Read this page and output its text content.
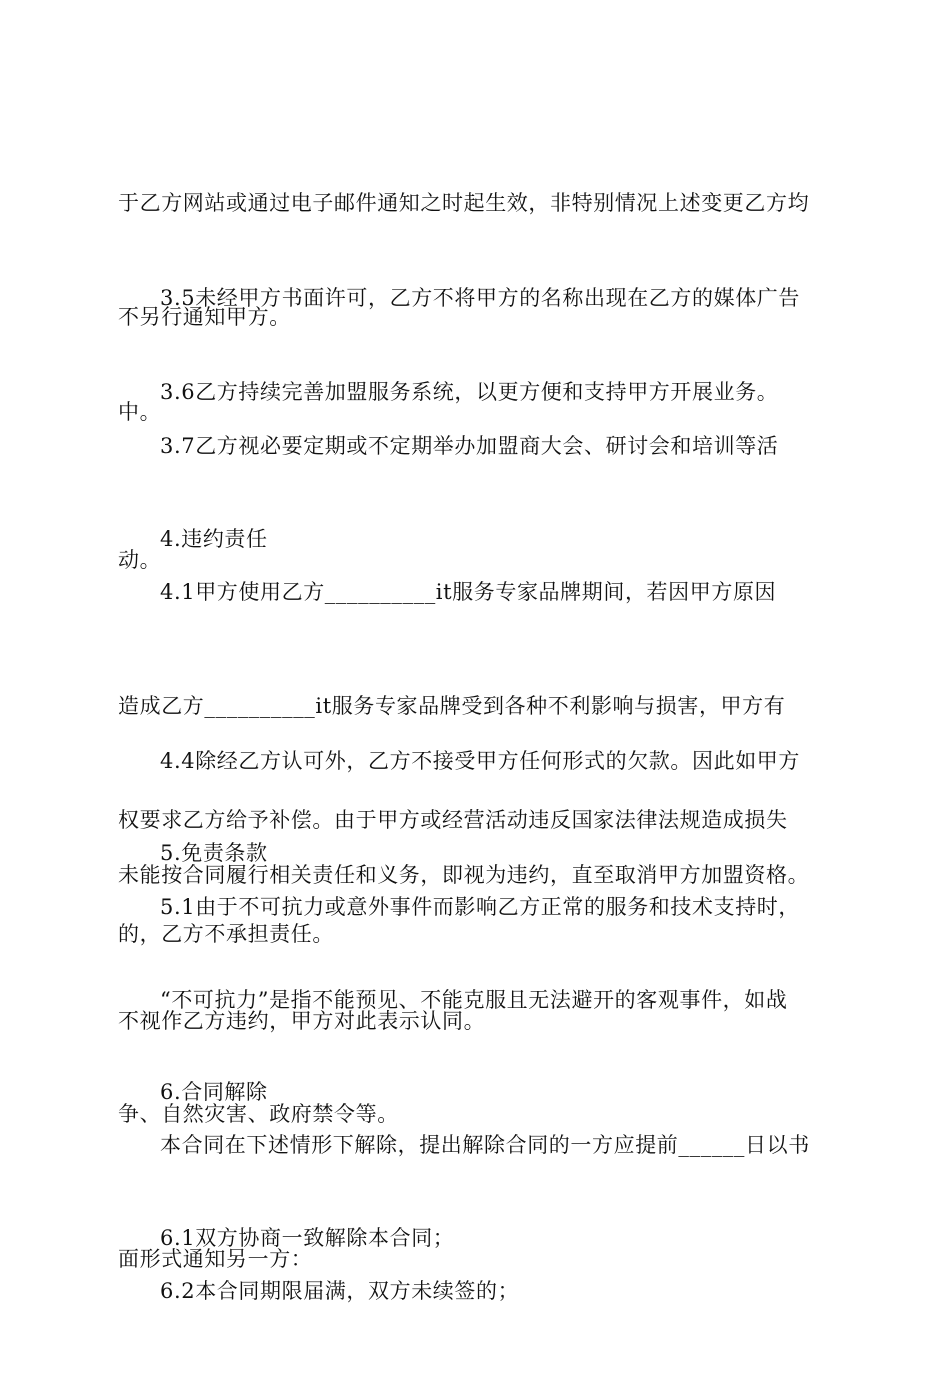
于乙方网站或通过电子邮件通知之时起生效，非特别情况上述变更乙方均

不另行通知甲方。

3.5未经甲方书面许可，乙方不将甲方的名称出现在乙方的媒体广告

中。

3.6乙方持续完善加盟服务系统，以更方便和支持甲方开展业务。

3.7乙方视必要定期或不定期举办加盟商大会、研讨会和培训等活

动。

4.违约责任

4.1甲方使用乙方__________it服务专家品牌期间，若因甲方原因

造成乙方__________it服务专家品牌受到各种不利影响与损害，甲方有

权要求乙方给予补偿。由于甲方或经营活动违反国家法律法规造成损失

的，乙方不承担责任。

4.4除经乙方认可外，乙方不接受甲方任何形式的欠款。因此如甲方

未能按合同履行相关责任和义务，即视为违约，直至取消甲方加盟资格。

5.免责条款

5.1由于不可抗力或意外事件而影响乙方正常的服务和技术支持时，

不视作乙方违约，甲方对此表示认同。

“不可抗力”是指不能预见、不能克服且无法避开的客观事件，如战

争、自然灾害、政府禁令等。

6.合同解除

本合同在下述情形下解除，提出解除合同的一方应提前______日以书

面形式通知另一方：

6.1双方协商一致解除本合同；

6.2本合同期限届满，双方未续签的；
